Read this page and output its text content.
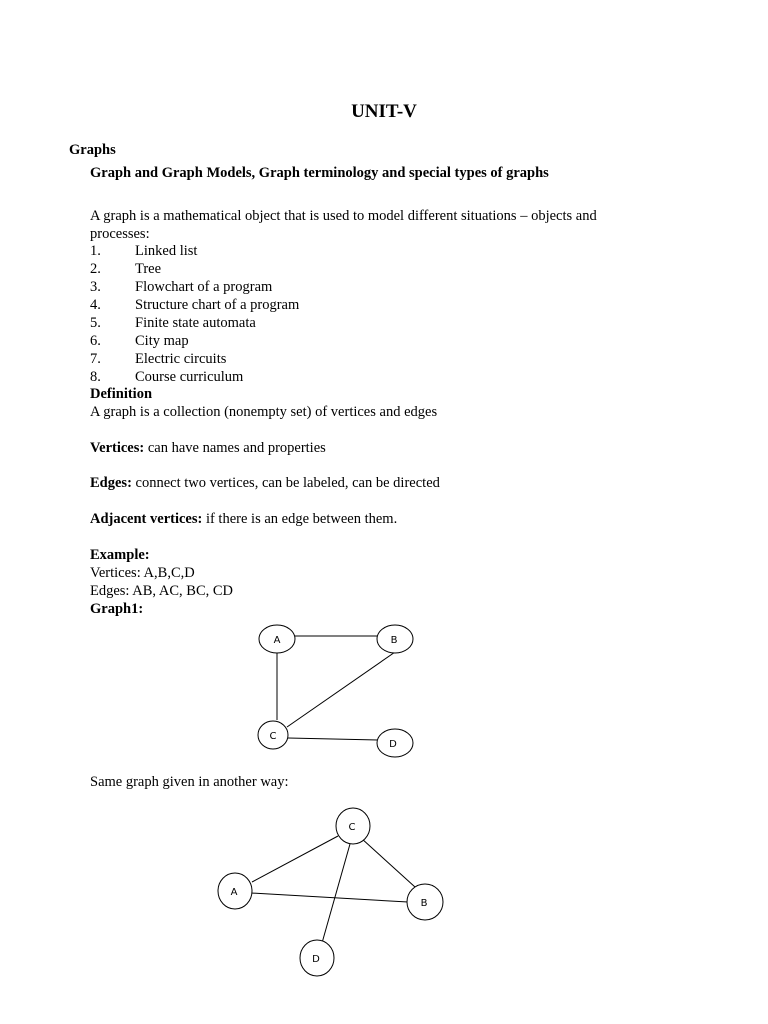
UNIT-V
Graphs
Graph and Graph Models, Graph terminology and special types of graphs
A graph is a mathematical object that is used to model different situations – objects and processes:
1. Linked list
2. Tree
3. Flowchart of a program
4. Structure chart of a program
5. Finite state automata
6. City map
7. Electric circuits
8. Course curriculum
Definition
A graph is a collection (nonempty set) of vertices and edges
Vertices: can have names and properties
Edges: connect two vertices, can be labeled, can be directed
Adjacent vertices: if there is an edge between them.
Example:
Vertices: A,B,C,D
Edges: AB, AC, BC, CD
Graph1:
A	B
C
D
C
A
B
D
Same graph given in another way:
